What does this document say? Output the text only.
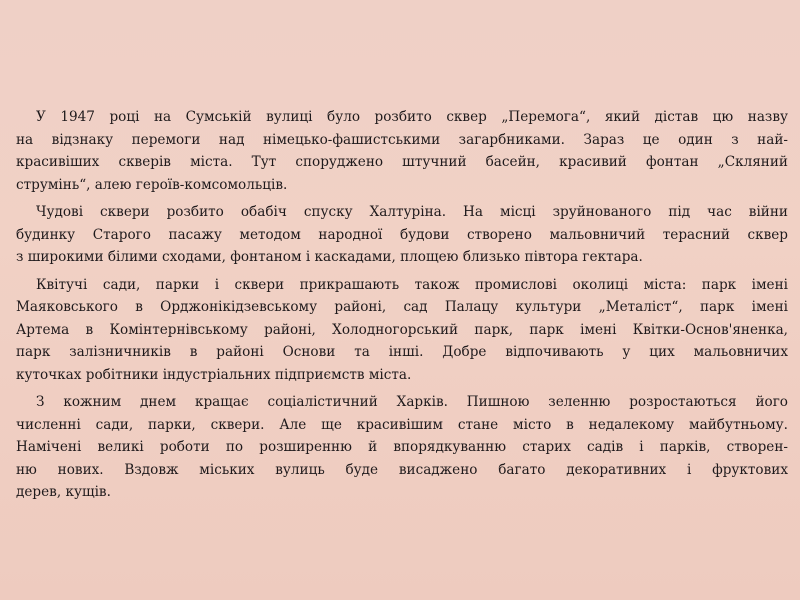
У 1947 році на Сумській вулиці було розбито сквер „Перемога“, який дістав цю назву
на відзнаку перемоги над німецько-фашистськими загарбниками. Зараз це один з най-
красивіших скверів міста. Тут споруджено штучний басейн, красивий фонтан „Скляний
струмінь“, алею героїв-комсомольців.
Чудові сквери розбито обабіч спуску Халтуріна. На місці зруйнованого під час війни
будинку Старого пасажу методом народної будови створено мальовничий терасний сквер
з широкими білими сходами, фонтаном і каскадами, площею близько півтора гектара.
Квітучі сади, парки і сквери прикрашають також промислові околиці міста: парк імені
Маяковського в Орджонікідзевському районі, сад Палацу культури „Металіст“, парк імені
Артема в Комінтернівському районі, Холодногорський парк, парк імені Квітки-Основ'яненка,
парк залізничників в районі Основи та інші. Добре відпочивають у цих мальовничих
куточках робітники індустріальних підприємств міста.
З кожним днем кращає соціалістичний Харків. Пишною зеленню розростаються його
численні сади, парки, сквери. Але ще красивішим стане місто в недалекому майбутньому.
Намічені великі роботи по розширенню й впорядкуванню старих садів і парків, створен-
ню нових. Вздовж міських вулиць буде висаджено багато декоративних і фруктових
дерев, кущів.
